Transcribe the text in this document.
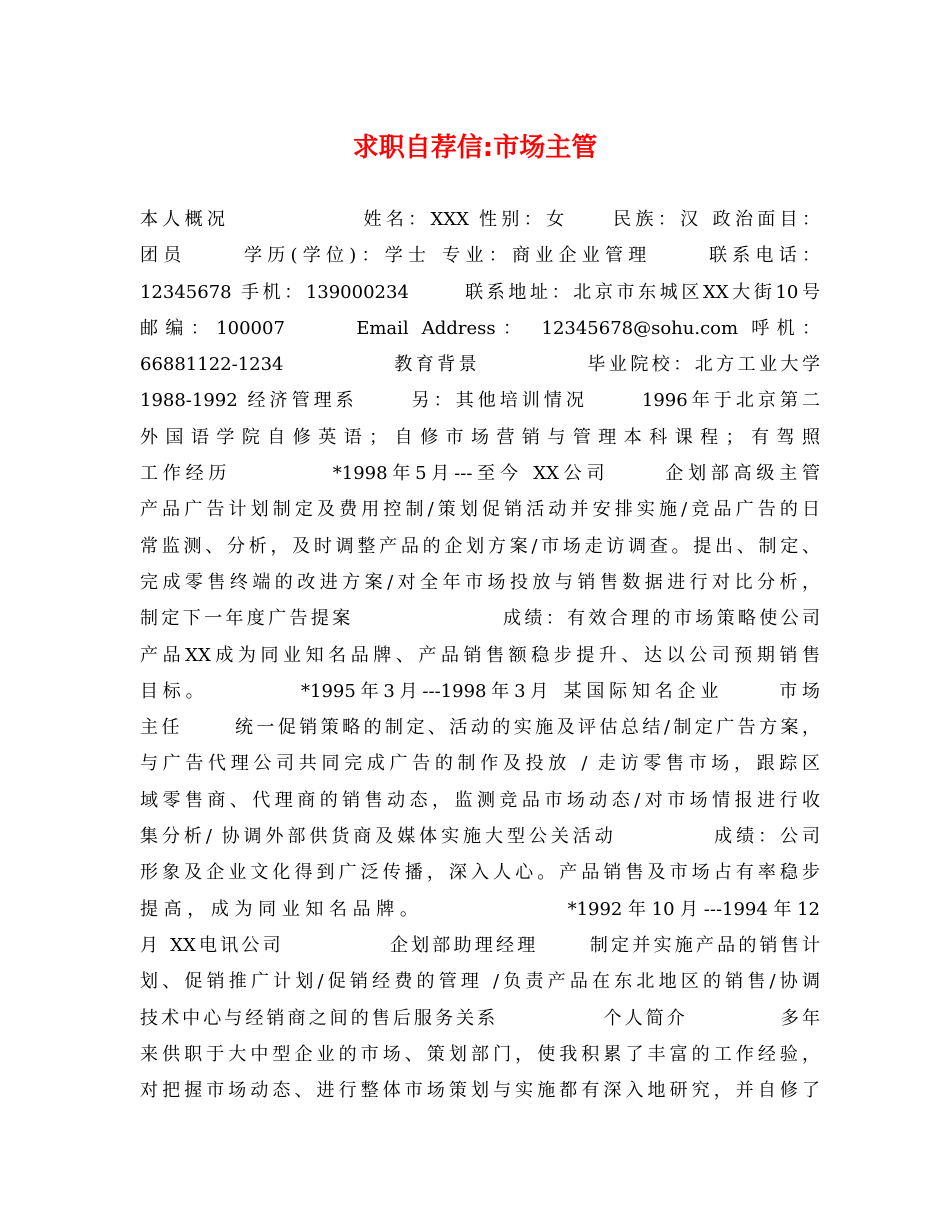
求职自荐信:市场主管
本人概况　　　　　　姓名：XXX 性别：女　　民族：汉 政治面目：
团员　　 学历(学位)：学士 专业：商业企业管理　　 联系电话：
12345678 手机：139000234　　 联系地址：北京市东城区XX大街10号
邮编：100007　　 Email Address： 12345678@sohu.com 呼机：
66881122-1234　　　　　教育背景　　　　　毕业院校：北方工业大学
1988-1992 经济管理系　　 另：其他培训情况　　 1996年于北京第二
外国语学院自修英语；自修市场营销与管理本科课程；有驾照
工作经历　　　　 *1998年5月---至今 XX公司　　 企划部高级主管
产品广告计划制定及费用控制/策划促销活动并安排实施/竞品广告的日
常监测、分析，及时调整产品的企划方案/市场走访调查。提出、制定、
完成零售终端的改进方案/对全年市场投放与销售数据进行对比分析，
制定下一年度广告提案　　　　　　　成绩：有效合理的市场策略使公司
产品XX成为同业知名品牌、产品销售额稳步提升、达以公司预期销售
目标。　　　　 *1995年3月---1998年3月 某国际知名企业　　 市场
主任　　 统一促销策略的制定、活动的实施及评估总结/制定广告方案，
与广告代理公司共同完成广告的制作及投放 / 走访零售市场，跟踪区
域零售商、代理商的销售动态，监测竞品市场动态/对市场情报进行收
集分析/ 协调外部供货商及媒体实施大型公关活动　　　　 成绩：公司
形象及企业文化得到广泛传播，深入人心。产品销售及市场占有率稳步
提高，成为同业知名品牌。　　　　　　 *1992年10月---1994年12
月 XX电讯公司　　　　　企划部助理经理　　 制定并实施产品的销售计
划、促销推广计划/促销经费的管理 /负责产品在东北地区的销售/协调
技术中心与经销商之间的售后服务关系　　　　　个人简介　　　　 多年
来供职于大中型企业的市场、策划部门，使我积累了丰富的工作经验，
对把握市场动态、进行整体市场策划与实施都有深入地研究，并自修了
